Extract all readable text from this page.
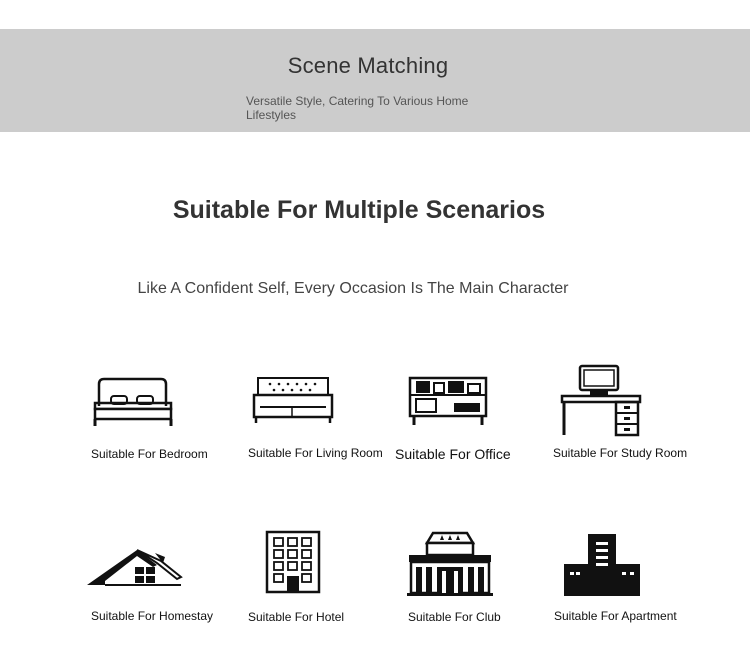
Scene Matching
Versatile Style, Catering To Various Home Lifestyles
Suitable For Multiple Scenarios
Like A Confident Self, Every Occasion Is The Main Character
Suitable For Bedroom	Suitable For Living Room Suitable For Office	Suitable For Study Room
Suitable For Homestay	Suitable For Hotel	Suitable For Club	Suitable For Apartment
